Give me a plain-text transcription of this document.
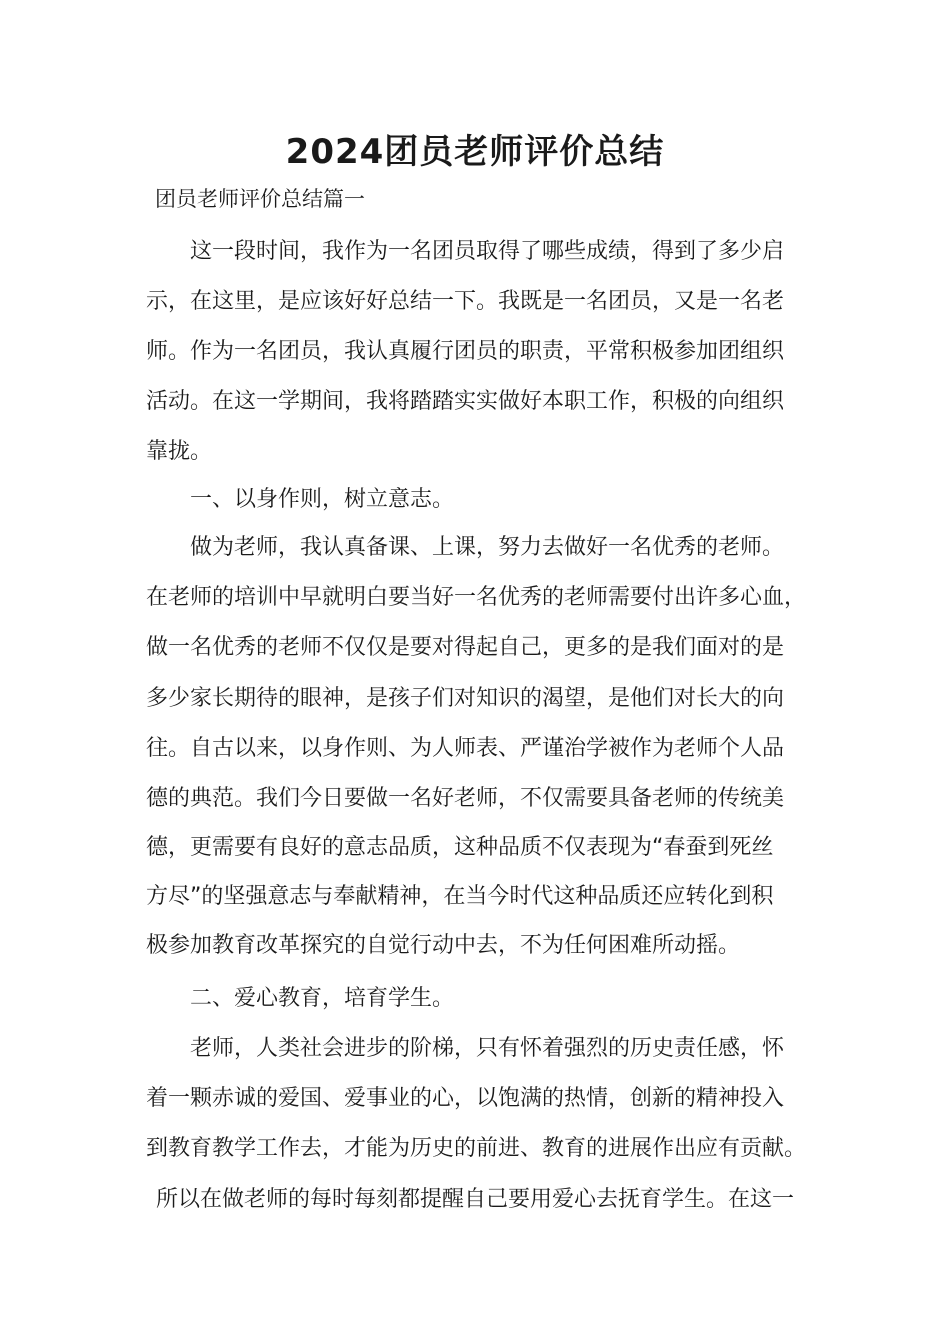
2024团员老师评价总结

团员老师评价总结篇一

这一段时间，我作为一名团员取得了哪些成绩，得到了多少启

示，在这里，是应该好好总结一下。我既是一名团员，又是一名老

师。作为一名团员，我认真履行团员的职责，平常积极参加团组织

活动。在这一学期间，我将踏踏实实做好本职工作，积极的向组织

靠拢。

一、以身作则，树立意志。

做为老师，我认真备课、上课，努力去做好一名优秀的老师。

在老师的培训中早就明白要当好一名优秀的老师需要付出许多心血，

做一名优秀的老师不仅仅是要对得起自己，更多的是我们面对的是

多少家长期待的眼神，是孩子们对知识的渴望，是他们对长大的向

往。自古以来，以身作则、为人师表、严谨治学被作为老师个人品

德的典范。我们今日要做一名好老师，不仅需要具备老师的传统美

德，更需要有良好的意志品质，这种品质不仅表现为“春蚕到死丝

方尽”的坚强意志与奉献精神，在当今时代这种品质还应转化到积

极参加教育改革探究的自觉行动中去，不为任何困难所动摇。

二、爱心教育，培育学生。

老师，人类社会进步的阶梯，只有怀着强烈的历史责任感，怀

着一颗赤诚的爱国、爱事业的心，以饱满的热情，创新的精神投入

到教育教学工作去，才能为历史的前进、教育的进展作出应有贡献。

所以在做老师的每时每刻都提醒自己要用爱心去抚育学生。在这一
